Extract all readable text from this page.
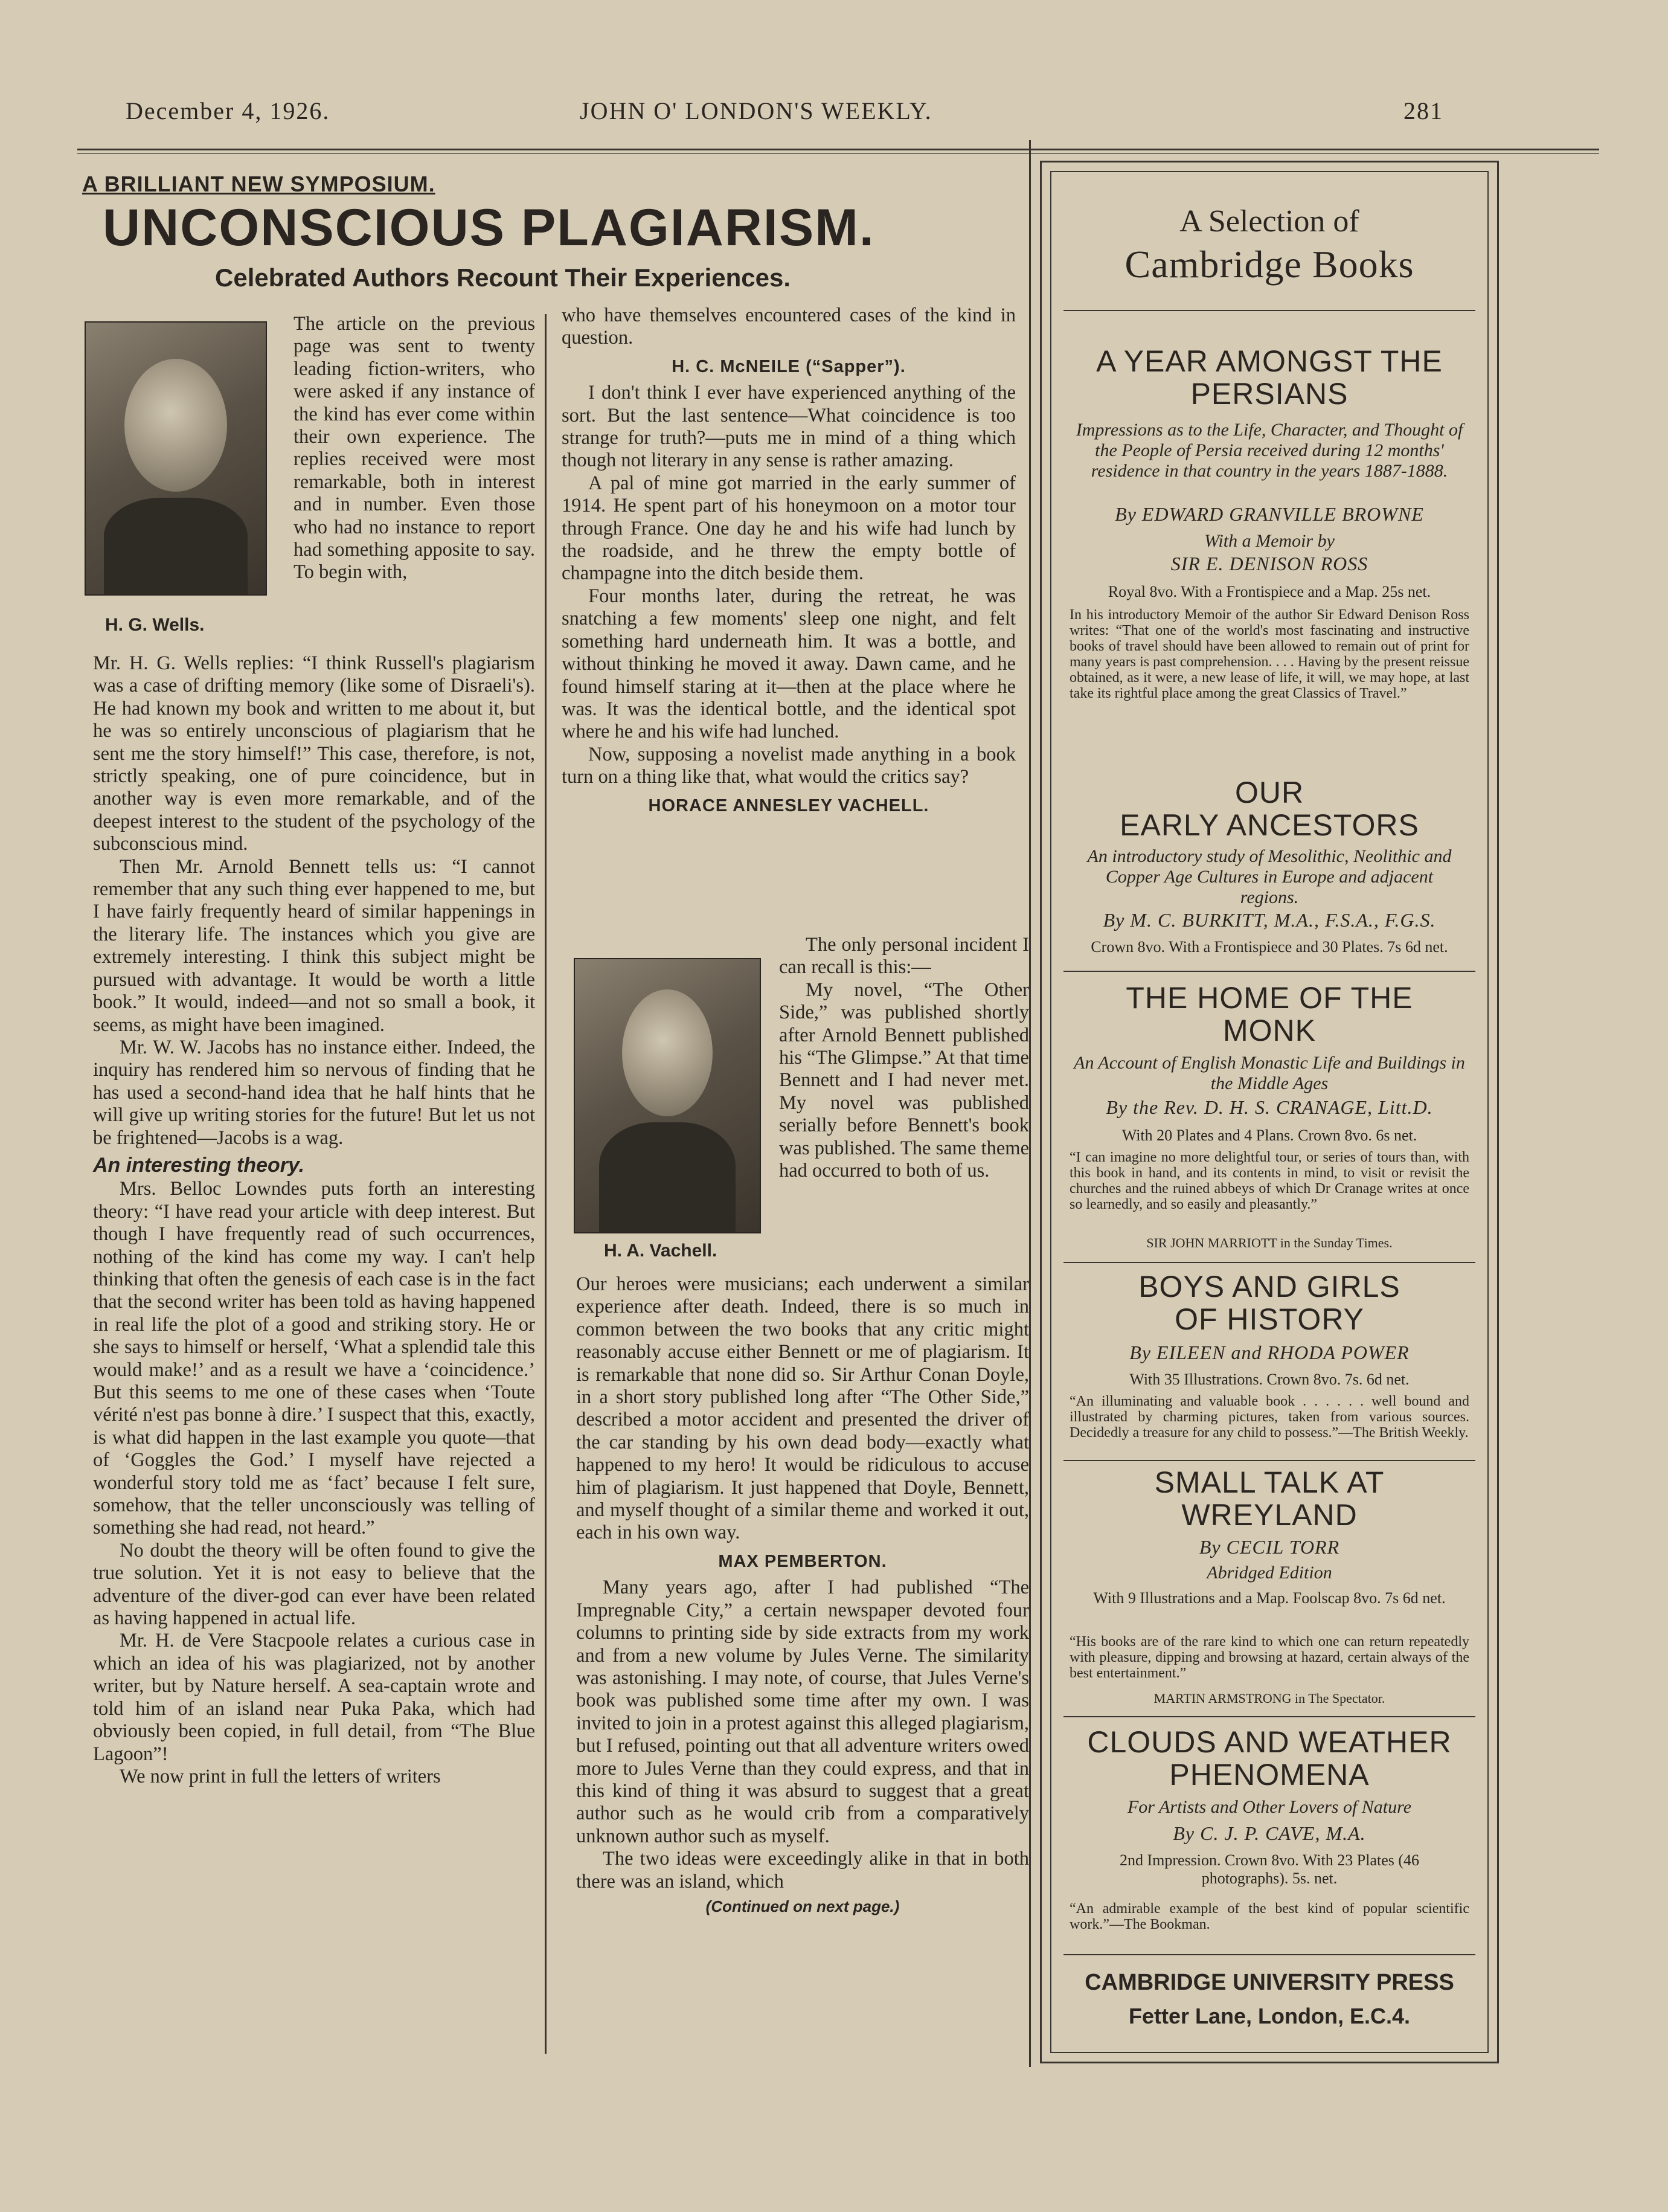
December 4, 1926.	JOHN O' LONDON'S WEEKLY.	281
A BRILLIANT NEW SYMPOSIUM.
UNCONSCIOUS PLAGIARISM.
Celebrated Authors Recount Their Experiences.
H. G. Wells.

The article on the previous page was sent to twenty leading fiction-writers, who were asked if any instance of the kind has ever come within their own experience. The replies received were most remarkable, both in interest and in number. Even those who had no instance to report had something apposite to say. To begin with,

Mr. H. G. Wells replies: “I think Russell's plagiarism was a case of drifting memory (like some of Disraeli's). He had known my book and written to me about it, but he was so entirely unconscious of plagiarism that he sent me the story himself!” This case, therefore, is not, strictly speaking, one of pure coincidence, but in another way is even more remarkable, and of the deepest interest to the student of the psychology of the subconscious mind.

Then Mr. Arnold Bennett tells us: “I cannot remember that any such thing ever happened to me, but I have fairly frequently heard of similar happenings in the literary life. The instances which you give are extremely interesting. I think this subject might be pursued with advantage. It would be worth a little book.” It would, indeed—and not so small a book, it seems, as might have been imagined.

Mr. W. W. Jacobs has no instance either. Indeed, the inquiry has rendered him so nervous of finding that he has used a second-hand idea that he half hints that he will give up writing stories for the future! But let us not be frightened—Jacobs is a wag.

An interesting theory.

Mrs. Belloc Lowndes puts forth an interesting theory: “I have read your article with deep interest. But though I have frequently read of such occurrences, nothing of the kind has come my way. I can't help thinking that often the genesis of each case is in the fact that the second writer has been told as having happened in real life the plot of a good and striking story. He or she says to himself or herself, ‘What a splendid tale this would make!’ and as a result we have a ‘coincidence.’ But this seems to me one of these cases when ‘Toute vérité n'est pas bonne à dire.’ I suspect that this, exactly, is what did happen in the last example you quote—that of ‘Goggles the God.’ I myself have rejected a wonderful story told me as ‘fact’ because I felt sure, somehow, that the teller unconsciously was telling of something she had read, not heard.”

No doubt the theory will be often found to give the true solution. Yet it is not easy to believe that the adventure of the diver-god can ever have been related as having happened in actual life.

Mr. H. de Vere Stacpoole relates a curious case in which an idea of his was plagiarized, not by another writer, but by Nature herself. A sea-captain wrote and told him of an island near Puka Paka, which had obviously been copied, in full detail, from “The Blue Lagoon”!

We now print in full the letters of writers

who have themselves encountered cases of the kind in question.

H. C. McNEILE (“Sapper”).

I don't think I ever have experienced anything of the sort. But the last sentence—What coincidence is too strange for truth?—puts me in mind of a thing which though not literary in any sense is rather amazing.

A pal of mine got married in the early summer of 1914. He spent part of his honeymoon on a motor tour through France. One day he and his wife had lunch by the roadside, and he threw the empty bottle of champagne into the ditch beside them.

Four months later, during the retreat, he was snatching a few moments' sleep one night, and felt something hard underneath him. It was a bottle, and without thinking he moved it away. Dawn came, and he found himself staring at it—then at the place where he was. It was the identical bottle, and the identical spot where he and his wife had lunched.

Now, supposing a novelist made anything in a book turn on a thing like that, what would the critics say?

HORACE ANNESLEY VACHELL.
H. A. Vachell.

The only personal incident I can recall is this:—

My novel, “The Other Side,” was published shortly after Arnold Bennett published his “The Glimpse.” At that time Bennett and I had never met. My novel was published serially before Bennett's book was published. The same theme had occurred to both of us.

Our heroes were musicians; each underwent a similar experience after death. Indeed, there is so much in common between the two books that any critic might reasonably accuse either Bennett or me of plagiarism. It is remarkable that none did so. Sir Arthur Conan Doyle, in a short story published long after “The Other Side,” described a motor accident and presented the driver of the car standing by his own dead body—exactly what happened to my hero! It would be ridiculous to accuse him of plagiarism. It just happened that Doyle, Bennett, and myself thought of a similar theme and worked it out, each in his own way.

MAX PEMBERTON.

Many years ago, after I had published “The Impregnable City,” a certain newspaper devoted four columns to printing side by side extracts from my work and from a new volume by Jules Verne. The similarity was astonishing. I may note, of course, that Jules Verne's book was published some time after my own. I was invited to join in a protest against this alleged plagiarism, but I refused, pointing out that all adventure writers owed more to Jules Verne than they could express, and that in this kind of thing it was absurd to suggest that a great author such as he would crib from a comparatively unknown author such as myself.

The two ideas were exceedingly alike in that in both there was an island, which

(Continued on next page.)
A Selection of
Cambridge Books
A YEAR AMONGST THE
PERSIANS
Impressions as to the Life, Character, and Thought of the People of Persia received during 12 months' residence in that country in the years 1887-1888.
By EDWARD GRANVILLE BROWNE
With a Memoir by
SIR E. DENISON ROSS
Royal 8vo. With a Frontispiece and a Map. 25s net.
In his introductory Memoir of the author Sir Edward Denison Ross writes: “That one of the world's most fascinating and instructive books of travel should have been allowed to remain out of print for many years is past comprehension. . . . Having by the present reissue obtained, as it were, a new lease of life, it will, we may hope, at last take its rightful place among the great Classics of Travel.”
OUR
EARLY ANCESTORS
An introductory study of Mesolithic, Neolithic and Copper Age Cultures in Europe and adjacent regions.
By M. C. BURKITT, M.A., F.S.A., F.G.S.
Crown 8vo. With a Frontispiece and 30 Plates. 7s 6d net.
THE HOME OF THE
MONK
An Account of English Monastic Life and Buildings in the Middle Ages
By the Rev. D. H. S. CRANAGE, Litt.D.
With 20 Plates and 4 Plans. Crown 8vo. 6s net.
“I can imagine no more delightful tour, or series of tours than, with this book in hand, and its contents in mind, to visit or revisit the churches and the ruined abbeys of which Dr Cranage writes at once so learnedly, and so easily and pleasantly.”
SIR JOHN MARRIOTT in the Sunday Times.
BOYS AND GIRLS
OF HISTORY
By EILEEN and RHODA POWER
With 35 Illustrations. Crown 8vo. 7s. 6d net.
“An illuminating and valuable book . . . . . . well bound and illustrated by charming pictures, taken from various sources. Decidedly a treasure for any child to possess.”—The British Weekly.
SMALL TALK AT
WREYLAND
By CECIL TORR
Abridged Edition
With 9 Illustrations and a Map. Foolscap 8vo. 7s 6d net.
“His books are of the rare kind to which one can return repeatedly with pleasure, dipping and browsing at hazard, certain always of the best entertainment.”
MARTIN ARMSTRONG in The Spectator.
CLOUDS AND WEATHER
PHENOMENA
For Artists and Other Lovers of Nature
By C. J. P. CAVE, M.A.
2nd Impression. Crown 8vo. With 23 Plates (46 photographs). 5s. net.
“An admirable example of the best kind of popular scientific work.”—The Bookman.
CAMBRIDGE UNIVERSITY PRESS
Fetter Lane, London, E.C.4.
